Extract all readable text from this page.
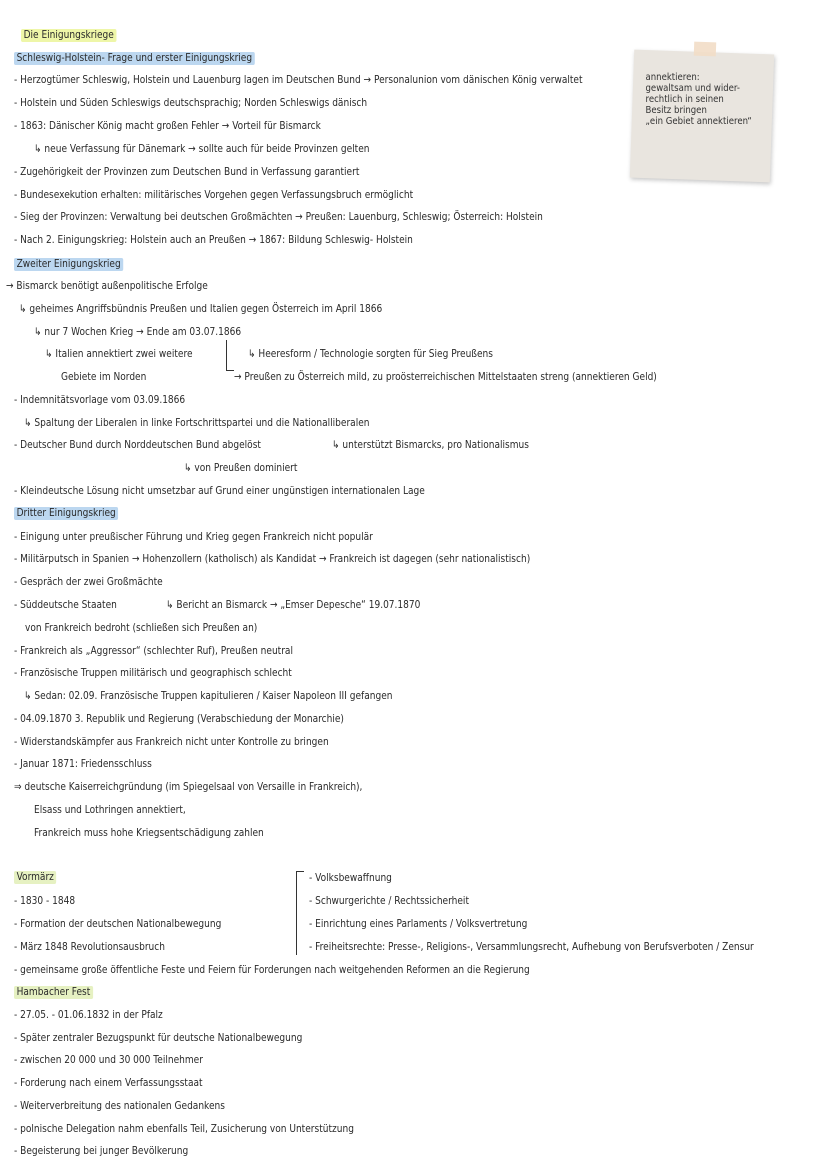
Die Einigungskriege
Schleswig-Holstein- Frage und erster Einigungskrieg
Zweiter Einigungskrieg
Dritter Einigungskrieg
Vormärz
Hambacher Fest
- Herzogtümer Schleswig, Holstein und Lauenburg lagen im Deutschen Bund → Personalunion vom dänischen König verwaltet
- Holstein und Süden Schleswigs deutschsprachig; Norden Schleswigs dänisch
- 1863: Dänischer König macht großen Fehler → Vorteil für Bismarck
↳ neue Verfassung für Dänemark → sollte auch für beide Provinzen gelten
- Zugehörigkeit der Provinzen zum Deutschen Bund in Verfassung garantiert
- Bundesexekution erhalten: militärisches Vorgehen gegen Verfassungsbruch ermöglicht
- Sieg der Provinzen: Verwaltung bei deutschen Großmächten → Preußen: Lauenburg, Schleswig; Österreich: Holstein
- Nach 2. Einigungskrieg: Holstein auch an Preußen → 1867: Bildung Schleswig- Holstein
→ Bismarck benötigt außenpolitische Erfolge
↳ geheimes Angriffsbündnis Preußen und Italien gegen Österreich im April 1866
↳ nur 7 Wochen Krieg → Ende am 03.07.1866
↳ Italien annektiert zwei weitere
Gebiete im Norden
↳ Heeresform / Technologie sorgten für Sieg Preußens
→ Preußen zu Österreich mild, zu proösterreichischen Mittelstaaten streng (annektieren Geld)
- Indemnitätsvorlage vom 03.09.1866
↳ Spaltung der Liberalen in linke Fortschrittspartei und die Nationalliberalen
- Deutscher Bund durch Norddeutschen Bund abgelöst	↳ unterstützt Bismarcks, pro Nationalismus
↳ von Preußen dominiert
- Kleindeutsche Lösung nicht umsetzbar auf Grund einer ungünstigen internationalen Lage
- Einigung unter preußischer Führung und Krieg gegen Frankreich nicht populär
- Militärputsch in Spanien → Hohenzollern (katholisch) als Kandidat → Frankreich ist dagegen (sehr nationalistisch)
- Gespräch der zwei Großmächte
- Süddeutsche Staaten	↳ Bericht an Bismarck → „Emser Depesche“ 19.07.1870
von Frankreich bedroht (schließen sich Preußen an)
- Frankreich als „Aggressor“ (schlechter Ruf), Preußen neutral
- Französische Truppen militärisch und geographisch schlecht
↳ Sedan: 02.09. Französische Truppen kapitulieren / Kaiser Napoleon III gefangen
- 04.09.1870 3. Republik und Regierung (Verabschiedung der Monarchie)
- Widerstandskämpfer aus Frankreich nicht unter Kontrolle zu bringen
- Januar 1871: Friedensschluss
⇒ deutsche Kaiserreichgründung (im Spiegelsaal von Versaille in Frankreich),
Elsass und Lothringen annektiert,
Frankreich muss hohe Kriegsentschädigung zahlen
- 1830 - 1848
- Formation der deutschen Nationalbewegung
- März 1848 Revolutionsausbruch
- Volksbewaffnung
- Schwurgerichte / Rechtssicherheit
- Einrichtung eines Parlaments / Volksvertretung
- Freiheitsrechte: Presse-, Religions-, Versammlungsrecht, Aufhebung von Berufsverboten / Zensur
- gemeinsame große öffentliche Feste und Feiern für Forderungen nach weitgehenden Reformen an die Regierung
- 27.05. - 01.06.1832 in der Pfalz
- Später zentraler Bezugspunkt für deutsche Nationalbewegung
- zwischen 20 000 und 30 000 Teilnehmer
- Forderung nach einem Verfassungsstaat
- Weiterverbreitung des nationalen Gedankens
- polnische Delegation nahm ebenfalls Teil, Zusicherung von Unterstützung
- Begeisterung bei junger Bevölkerung
annektieren:
gewaltsam und wider-
rechtlich in seinen
Besitz bringen
„ein Gebiet annektieren“
